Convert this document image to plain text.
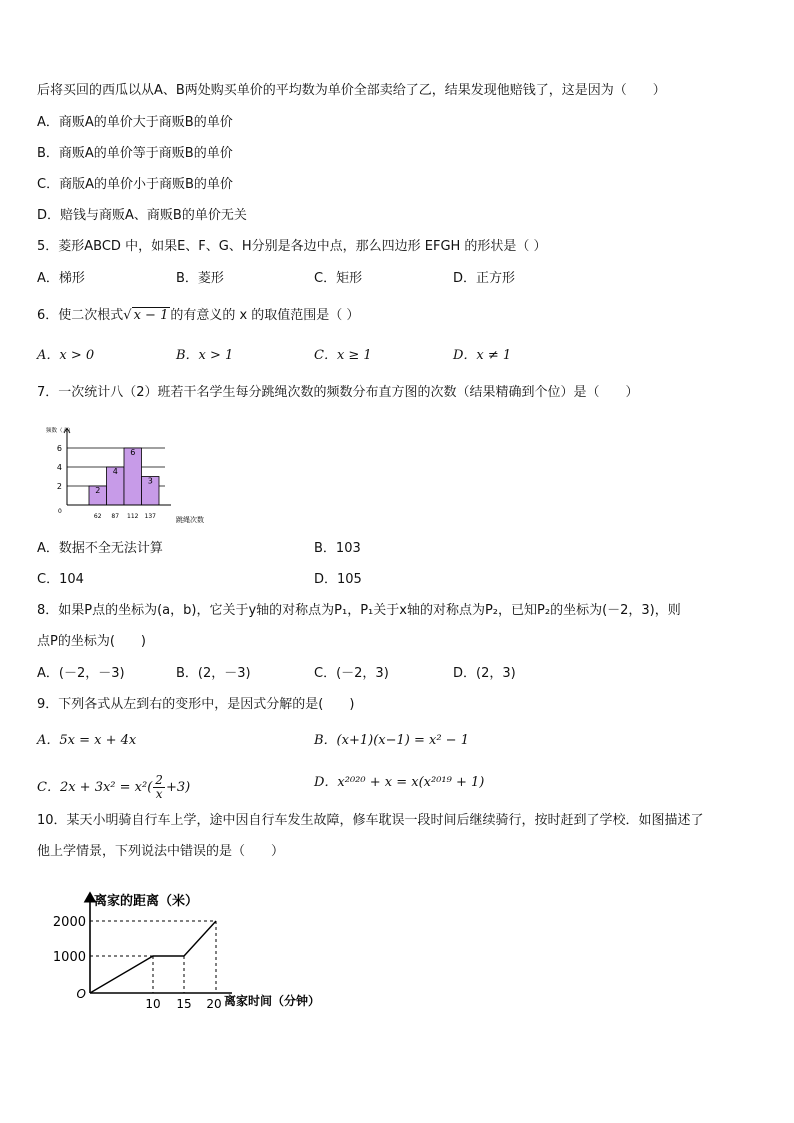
后将买回的西瓜以从A、B两处购买单价的平均数为单价全部卖给了乙，结果发现他赔钱了，这是因为（　　）
A．商贩A的单价大于商贩B的单价
B．商贩A的单价等于商贩B的单价
C．商版A的单价小于商贩B的单价
D．赔钱与商贩A、商贩B的单价无关
5．菱形ABCD 中，如果E、F、G、H分别是各边中点，那么四边形 EFGH 的形状是（ ）
A．梯形	B．菱形	C．矩形	D．正方形
6．使二次根式√ x − 1 的有意义的 x 的取值范围是（ ）
A．x > 0	B．x > 1	C．x ≥ 1	D．x ≠ 1
7．一次统计八（2）班若干名学生每分跳绳次数的频数分布直方图的次数（结果精确到个位）是（　　）
2
4
6
2
62
4
87
6
112
3
137
频数（人）
0
跳绳次数
A．数据不全无法计算	B．103
C．104	D．105
8．如果P点的坐标为(a，b)，它关于y轴的对称点为P₁，P₁关于x轴的对称点为P₂，已知P₂的坐标为(－2，3)，则
点P的坐标为(　　)
A．(－2，－3)	B．(2，－3)	C．(－2，3)	D．(2，3)
9．下列各式从左到右的变形中，是因式分解的是(　　)
A．5x = x + 4x	B．(x+1)(x−1) = x² − 1
C．$2x + 3x^2 = x^2( \frac{2}{x} +3)$	D．x²⁰²⁰ + x = x(x²⁰¹⁹ + 1)
10．某天小明骑自行车上学，途中因自行车发生故障，修车耽误一段时间后继续骑行，按时赶到了学校．如图描述了
他上学情景，下列说法中错误的是（　　）
离家的距离（米）
2000
1000
O
10 15 20 离家时间（分钟）
